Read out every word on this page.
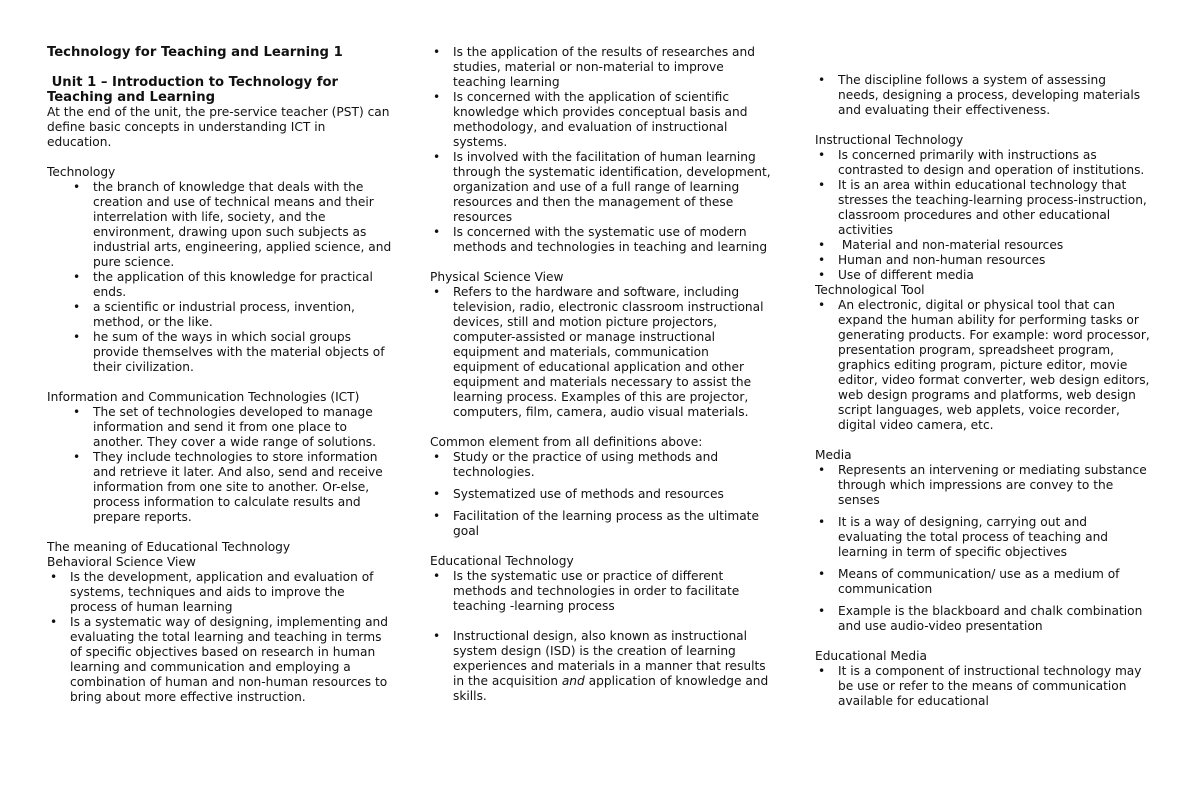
Technology for Teaching and Learning 1

Unit 1 – Introduction to Technology for

Teaching and Learning

At the end of the unit, the pre-service teacher (PST) can define basic concepts in understanding ICT in education.

Technology

• the branch of knowledge that deals with the creation and use of technical means and their interrelation with life, society, and the environment, drawing upon such subjects as industrial arts, engineering, applied science, and pure science.
• the application of this knowledge for practical ends.
• a scientific or industrial process, invention, method, or the like.
• he sum of the ways in which social groups provide themselves with the material objects of their civilization.

Information and Communication Technologies (ICT)

• The set of technologies developed to manage information and send it from one place to another. They cover a wide range of solutions.
• They include technologies to store information and retrieve it later. And also, send and receive information from one site to another. Or-else, process information to calculate results and prepare reports.

The meaning of Educational Technology

Behavioral Science View

• Is the development, application and evaluation of systems, techniques and aids to improve the process of human learning
• Is a systematic way of designing, implementing and evaluating the total learning and teaching in terms of specific objectives based on research in human learning and communication and employing a combination of human and non-human resources to bring about more effective instruction.
• Is the application of the results of researches and studies, material or non-material to improve teaching learning
• Is concerned with the application of scientific knowledge which provides conceptual basis and methodology, and evaluation of instructional systems.
• Is involved with the facilitation of human learning through the systematic identification, development, organization and use of a full range of learning resources and then the management of these resources
• Is concerned with the systematic use of modern methods and technologies in teaching and learning

Physical Science View

• Refers to the hardware and software, including television, radio, electronic classroom instructional devices, still and motion picture projectors, computer-assisted or manage instructional equipment and materials, communication equipment of educational application and other equipment and materials necessary to assist the learning process. Examples of this are projector, computers, film, camera, audio visual materials.

Common element from all definitions above:

• Study or the practice of using methods and technologies.
• Systematized use of methods and resources
• Facilitation of the learning process as the ultimate goal

Educational Technology

• Is the systematic use or practice of different methods and technologies in order to facilitate teaching -learning process
• Instructional design, also known as instructional system design (ISD) is the creation of learning experiences and materials in a manner that results in the acquisition and application of knowledge and skills.
• The discipline follows a system of assessing needs, designing a process, developing materials and evaluating their effectiveness.

Instructional Technology

• Is concerned primarily with instructions as contrasted to design and operation of institutions.
• It is an area within educational technology that stresses the teaching-learning process-instruction, classroom procedures and other educational activities
•  Material and non-material resources
• Human and non-human resources
• Use of different media

Technological Tool

• An electronic, digital or physical tool that can expand the human ability for performing tasks or generating products. For example: word processor, presentation program, spreadsheet program, graphics editing program, picture editor, movie editor, video format converter, web design editors, web design programs and platforms, web design script languages, web applets, voice recorder, digital video camera, etc.

Media

• Represents an intervening or mediating substance through which impressions are convey to the senses
• It is a way of designing, carrying out and evaluating the total process of teaching and learning in term of specific objectives
• Means of communication/ use as a medium of communication
• Example is the blackboard and chalk combination and use audio-video presentation

Educational Media

• It is a component of instructional technology may be use or refer to the means of communication available for educational
